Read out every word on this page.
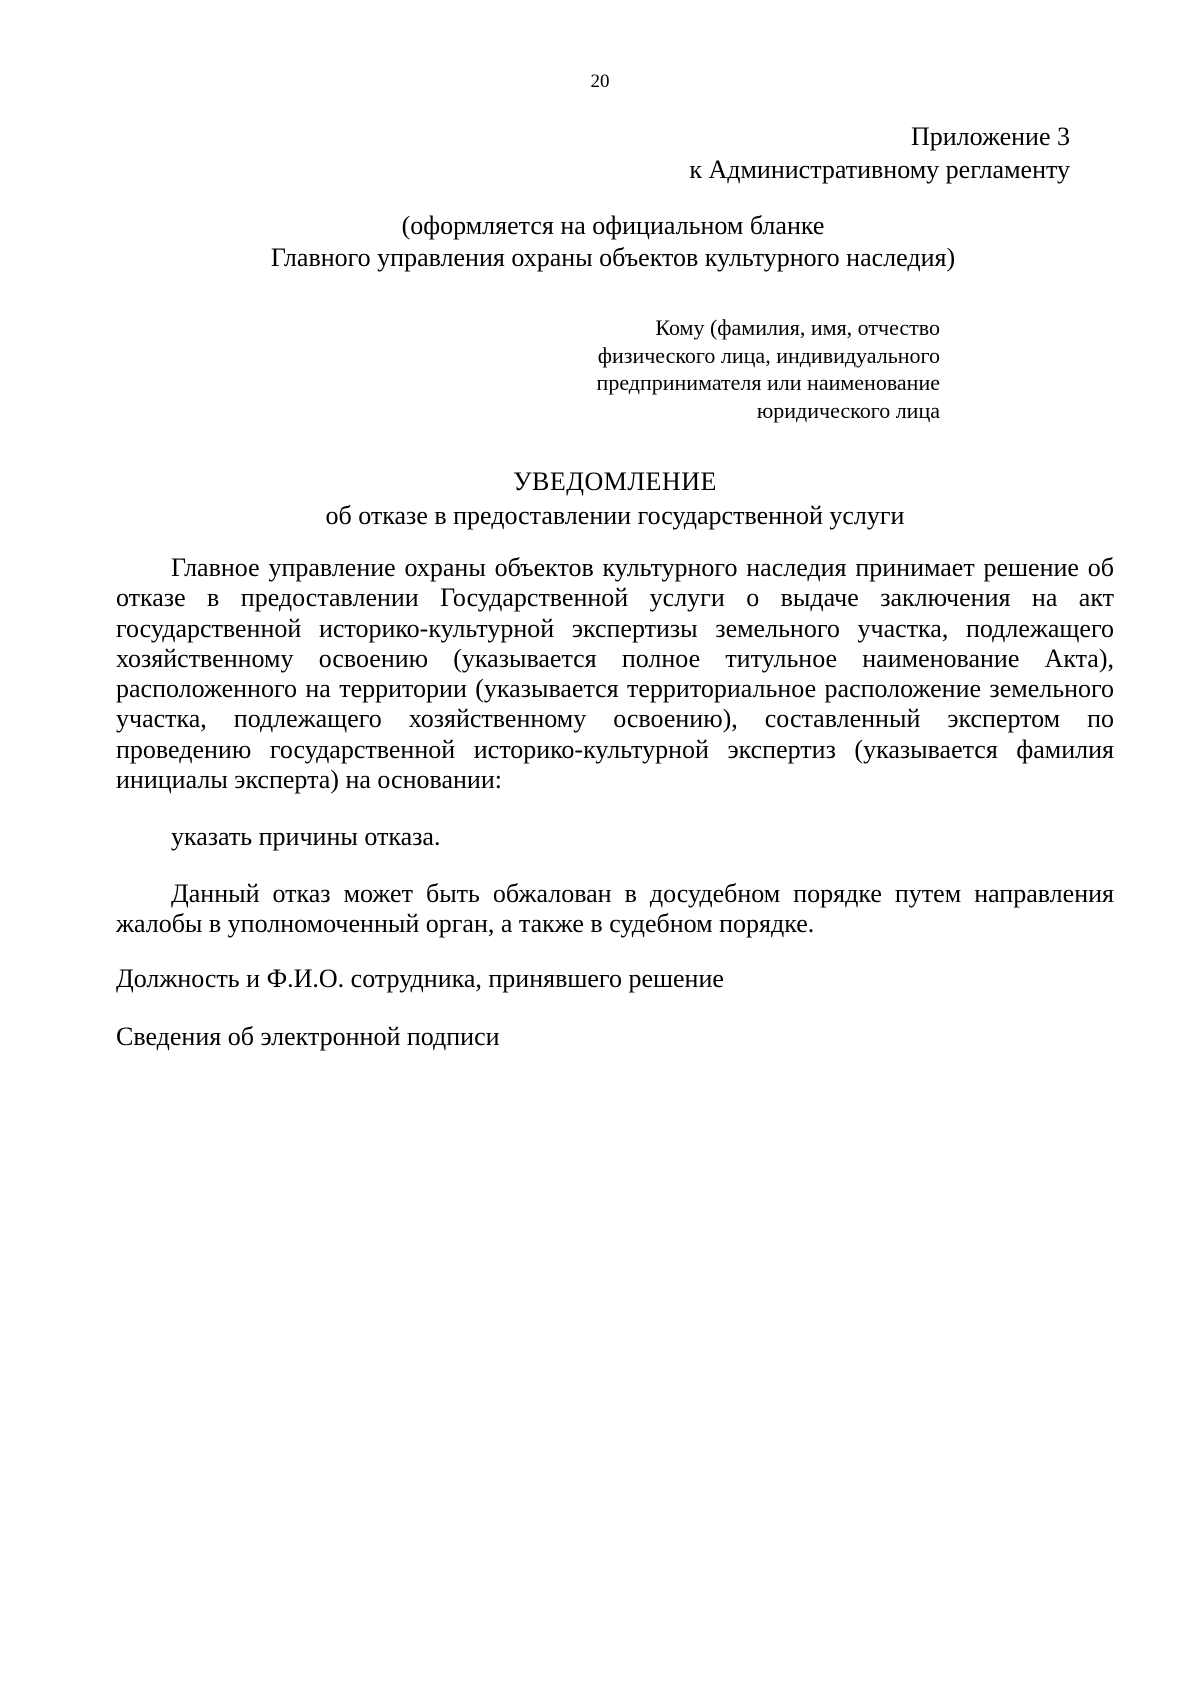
20
Приложение 3
к Административному регламенту
(оформляется на официальном бланке
Главного управления охраны объектов культурного наследия)
Кому (фамилия, имя, отчество
физического лица, индивидуального
предпринимателя или наименование
юридического лица
УВЕДОМЛЕНИЕ
об отказе в предоставлении государственной услуги

Главное управление охраны объектов культурного наследия принимает решение об отказе в предоставлении Государственной услуги о выдаче заключения на акт государственной историко-культурной экспертизы земельного участка, подлежащего хозяйственному освоению (указывается полное титульное наименование Акта), расположенного на территории (указывается территориальное расположение земельного участка, подлежащего хозяйственному освоению), составленный экспертом по проведению государственной историко-культурной экспертиз (указывается фамилия инициалы эксперта) на основании:

указать причины отказа.

Данный отказ может быть обжалован в досудебном порядке путем направления жалобы в уполномоченный орган, а также в судебном порядке.

Должность и Ф.И.О. сотрудника, принявшего решение

Сведения об электронной подписи
